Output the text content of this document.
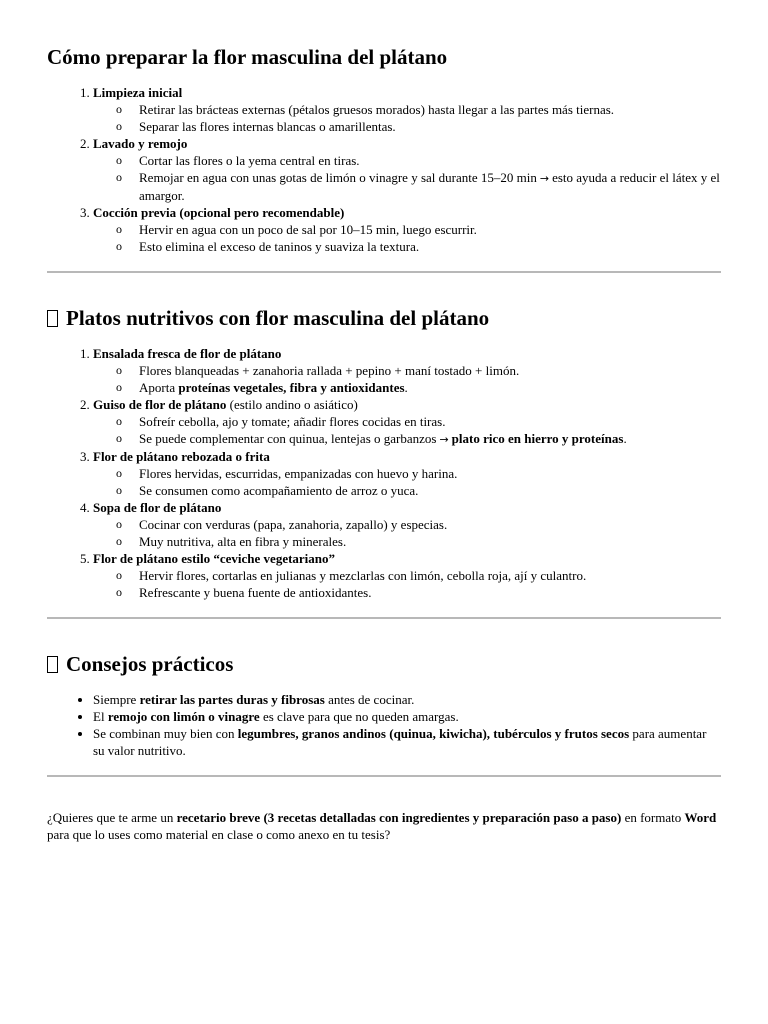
Cómo preparar la flor masculina del plátano
1. Limpieza inicial
o Retirar las brácteas externas (pétalos gruesos morados) hasta llegar a las partes más tiernas.
o Separar las flores internas blancas o amarillentas.
2. Lavado y remojo
o Cortar las flores o la yema central en tiras.
o Remojar en agua con unas gotas de limón o vinagre y sal durante 15–20 min → esto ayuda a reducir el látex y el amargor.
3. Cocción previa (opcional pero recomendable)
o Hervir en agua con un poco de sal por 10–15 min, luego escurrir.
o Esto elimina el exceso de taninos y suaviza la textura.
Platos nutritivos con flor masculina del plátano
1. Ensalada fresca de flor de plátano
o Flores blanqueadas + zanahoria rallada + pepino + maní tostado + limón.
o Aporta proteínas vegetales, fibra y antioxidantes.
2. Guiso de flor de plátano (estilo andino o asiático)
o Sofreír cebolla, ajo y tomate; añadir flores cocidas en tiras.
o Se puede complementar con quinua, lentejas o garbanzos → plato rico en hierro y proteínas.
3. Flor de plátano rebozada o frita
o Flores hervidas, escurridas, empanizadas con huevo y harina.
o Se consumen como acompañamiento de arroz o yuca.
4. Sopa de flor de plátano
o Cocinar con verduras (papa, zanahoria, zapallo) y especias.
o Muy nutritiva, alta en fibra y minerales.
5. Flor de plátano estilo “ceviche vegetariano”
o Hervir flores, cortarlas en julianas y mezclarlas con limón, cebolla roja, ají y culantro.
o Refrescante y buena fuente de antioxidantes.
Consejos prácticos
• Siempre retirar las partes duras y fibrosas antes de cocinar.
• El remojo con limón o vinagre es clave para que no queden amargas.
• Se combinan muy bien con legumbres, granos andinos (quinua, kiwicha), tubérculos y frutos secos para aumentar su valor nutritivo.

¿Quieres que te arme un recetario breve (3 recetas detalladas con ingredientes y preparación paso a paso) en formato Word para que lo uses como material en clase o como anexo en tu tesis?
